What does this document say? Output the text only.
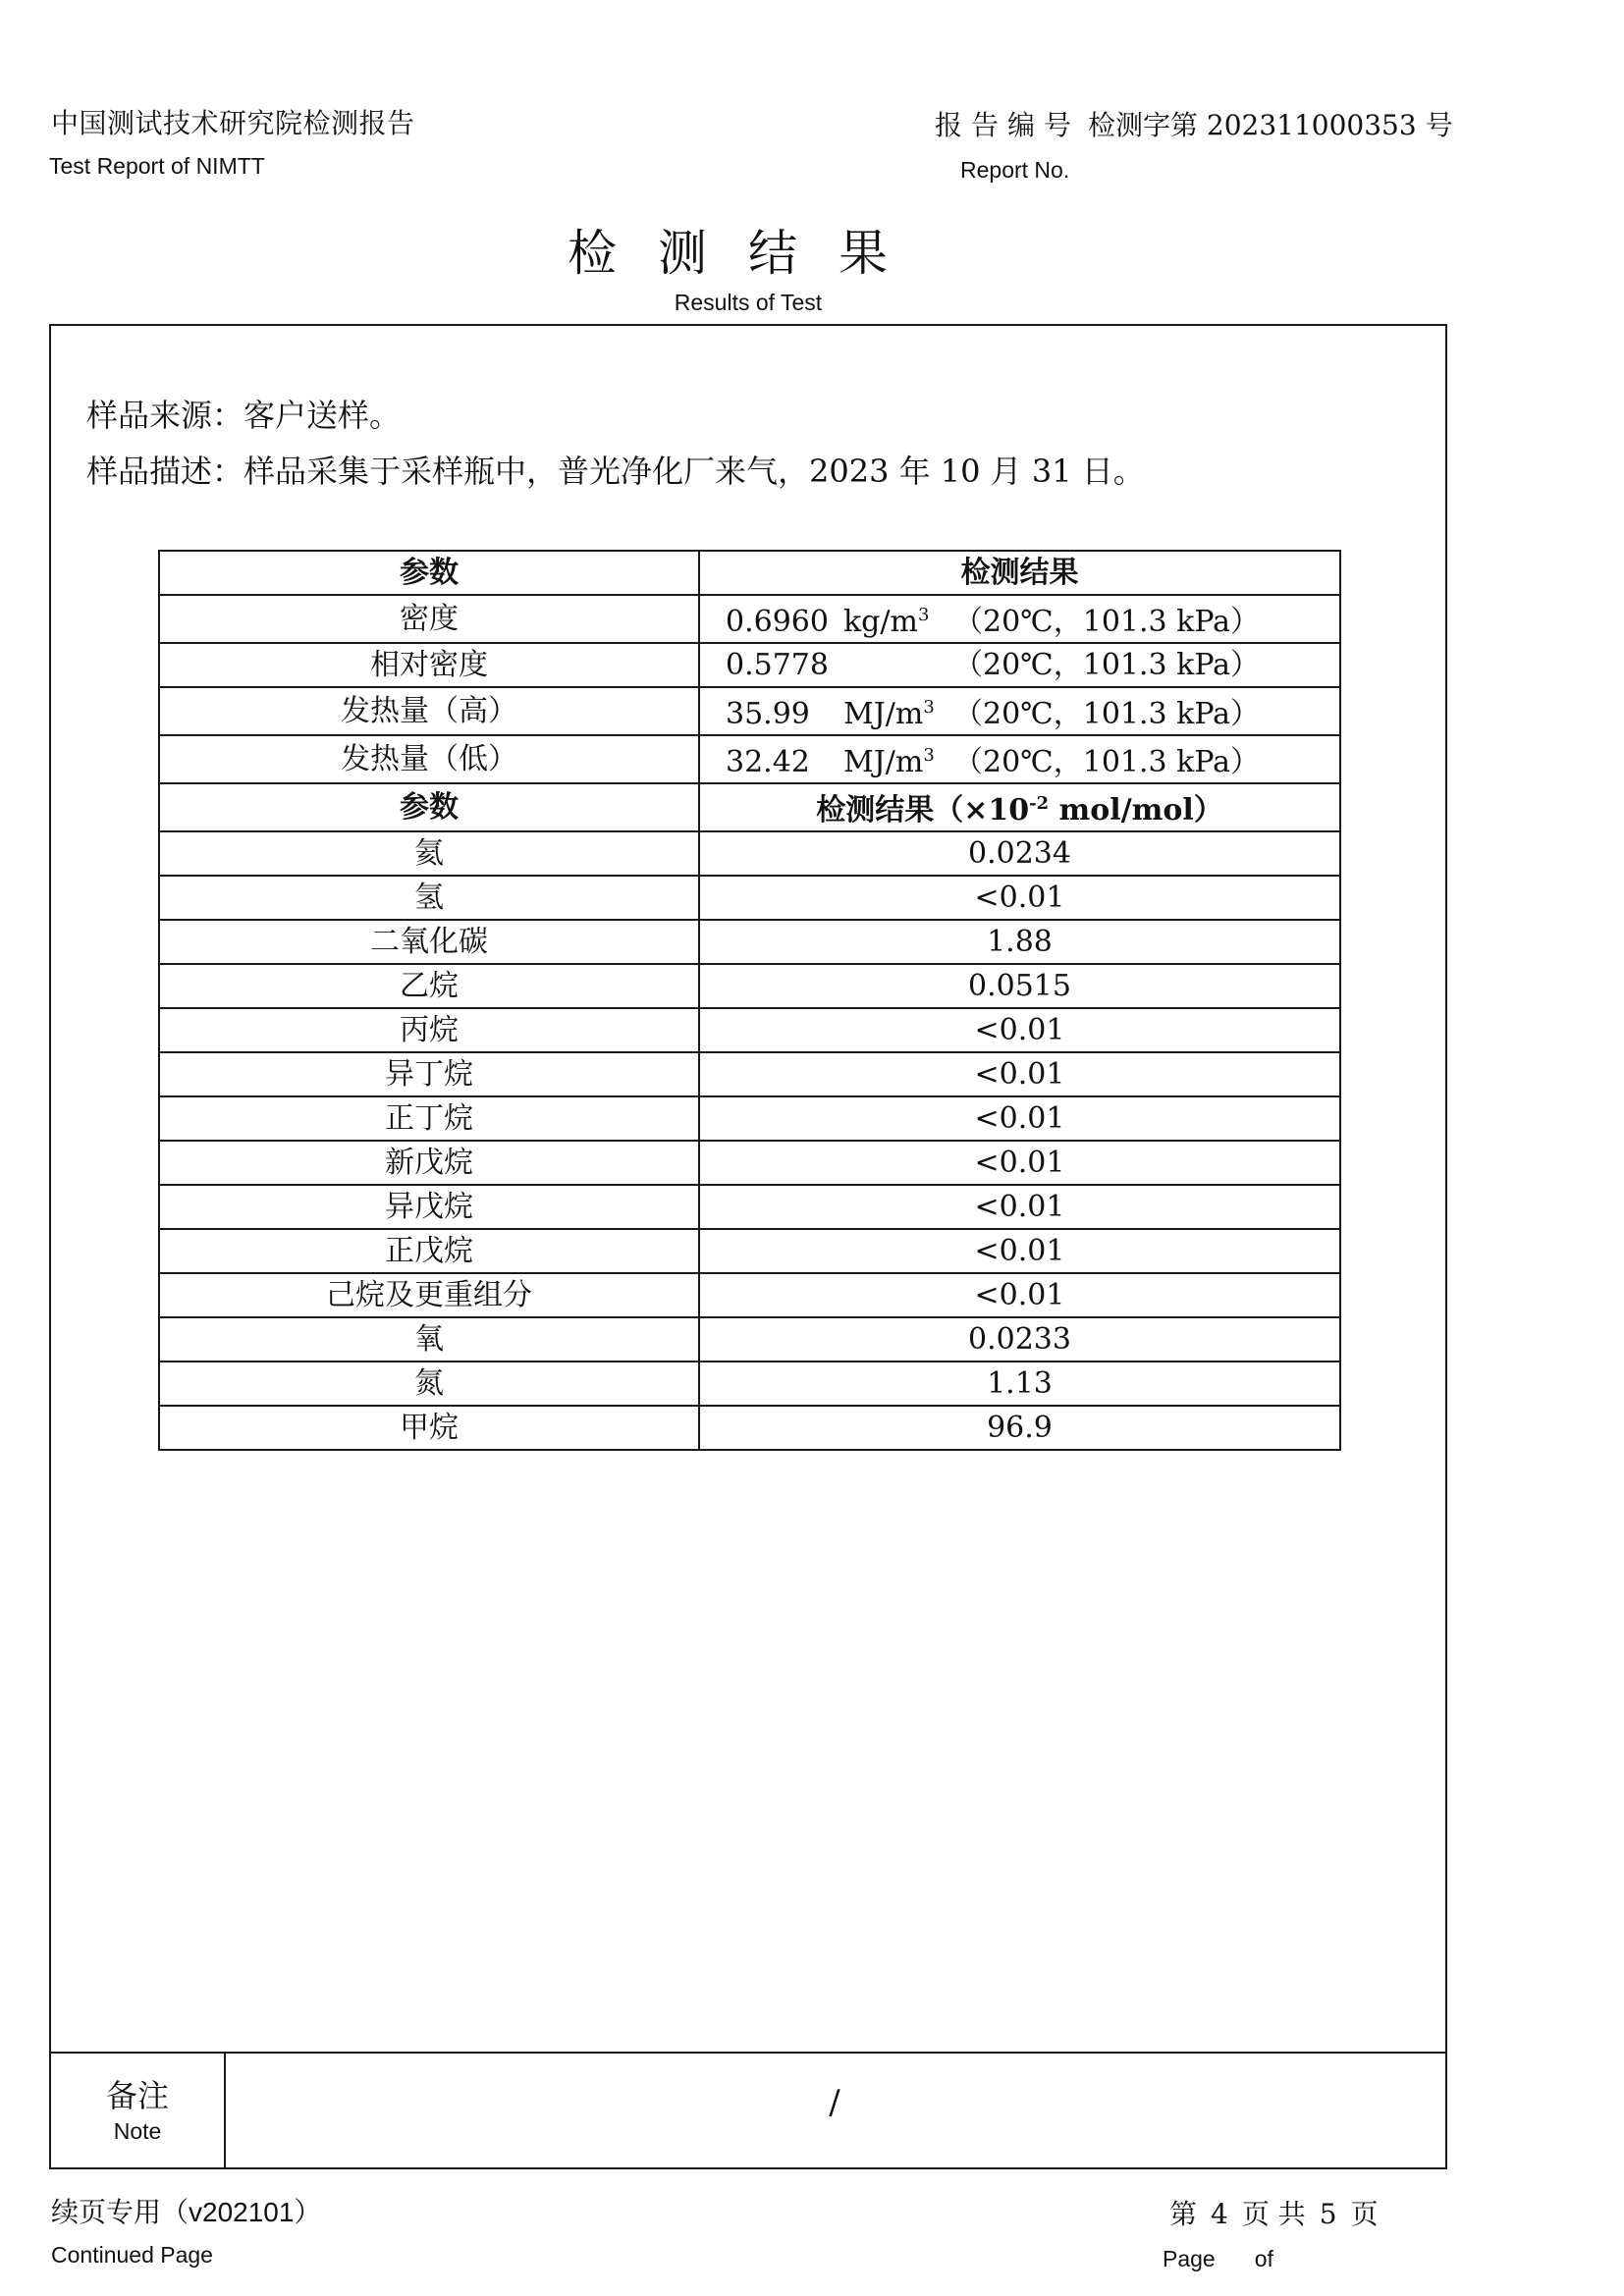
中国测试技术研究院检测报告
Test Report of NIMTT
报告编号 检测字第 202311000353 号
Report No.
检测结果
Results of Test
样品来源：客户送样。
样品描述：样品采集于采样瓶中，普光净化厂来气，2023 年 10 月 31 日。
参数	检测结果
密度	0.6960 $kg/m^3$ （20℃，101.3 kPa）
相对密度	0.5778 （20℃，101.3 kPa）
发热量（高）	35.99 $MJ/m^3$ （20℃，101.3 kPa）
发热量（低）	32.42 $MJ/m^3$ （20℃，101.3 kPa）
参数	检测结果（$\times 10^{-2}$ mol/mol）
氦	0.0234
氢	<0.01
二氧化碳	1.88
乙烷	0.0515
丙烷	<0.01
异丁烷	<0.01
正丁烷	<0.01
新戊烷	<0.01
异戊烷	<0.01
正戊烷	<0.01
己烷及更重组分	<0.01
氧	0.0233
氮	1.13
甲烷	96.9
备注
Note
/
续页专用（v202101）
Continued Page
第 4 页 共 5 页
Page of
